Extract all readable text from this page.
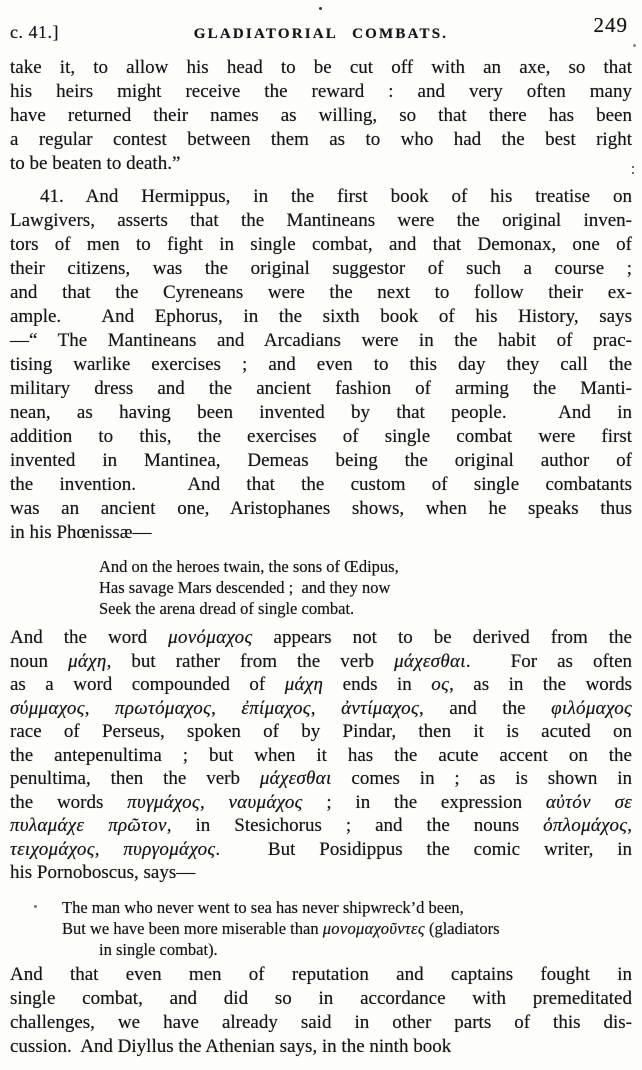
c. 41.]	GLADIATORIAL COMBATS.	249
take it, to allow his head to be cut off with an axe, so that
his heirs might receive the reward : and very often many
have returned their names as willing, so that there has been
a regular contest between them as to who had the best right
to be beaten to death.”
41. And Hermippus, in the first book of his treatise on
Lawgivers, asserts that the Mantineans were the original inven-
tors of men to fight in single combat, and that Demonax, one of
their citizens, was the original suggestor of such a course ;
and that the Cyreneans were the next to follow their ex-
ample.  And Ephorus, in the sixth book of his History, says
—“ The Mantineans and Arcadians were in the habit of prac-
tising warlike exercises ; and even to this day they call the
military dress and the ancient fashion of arming the Manti-
nean, as having been invented by that people.  And in
addition to this, the exercises of single combat were first
invented in Mantinea, Demeas being the original author of
the invention.  And that the custom of single combatants
was an ancient one, Aristophanes shows, when he speaks thus
in his Phœnissæ—
And on the heroes twain, the sons of Œdipus,
Has savage Mars descended ;  and they now
Seek the arena dread of single combat.
And the word μονόμαχος appears not to be derived from the
noun μάχη, but rather from the verb μάχεσθαι.  For as often
as a word compounded of μάχη ends in ος, as in the words
σύμμαχος, πρωτόμαχος, ἐπίμαχος, ἀντίμαχος, and the φιλόμαχος
race of Perseus, spoken of by Pindar, then it is acuted on
the antepenultima ; but when it has the acute accent on the
penultima, then the verb μάχεσθαι comes in ; as is shown in
the words πυγμάχος, ναυμάχος ; in the expression αὐτόν σε
πυλαμάχε πρῶτον, in Stesichorus ; and the nouns ὁπλομάχος,
τειχομάχος, πυργομάχος.  But Posidippus the comic writer, in
his Pornoboscus, says—
The man who never went to sea has never shipwreck’d been,
But we have been more miserable than μονομαχοῦντες (gladiators
in single combat).
And that even men of reputation and captains fought in
single combat, and did so in accordance with premeditated
challenges, we have already said in other parts of this dis-
cussion.  And Diyllus the Athenian says, in the ninth book
